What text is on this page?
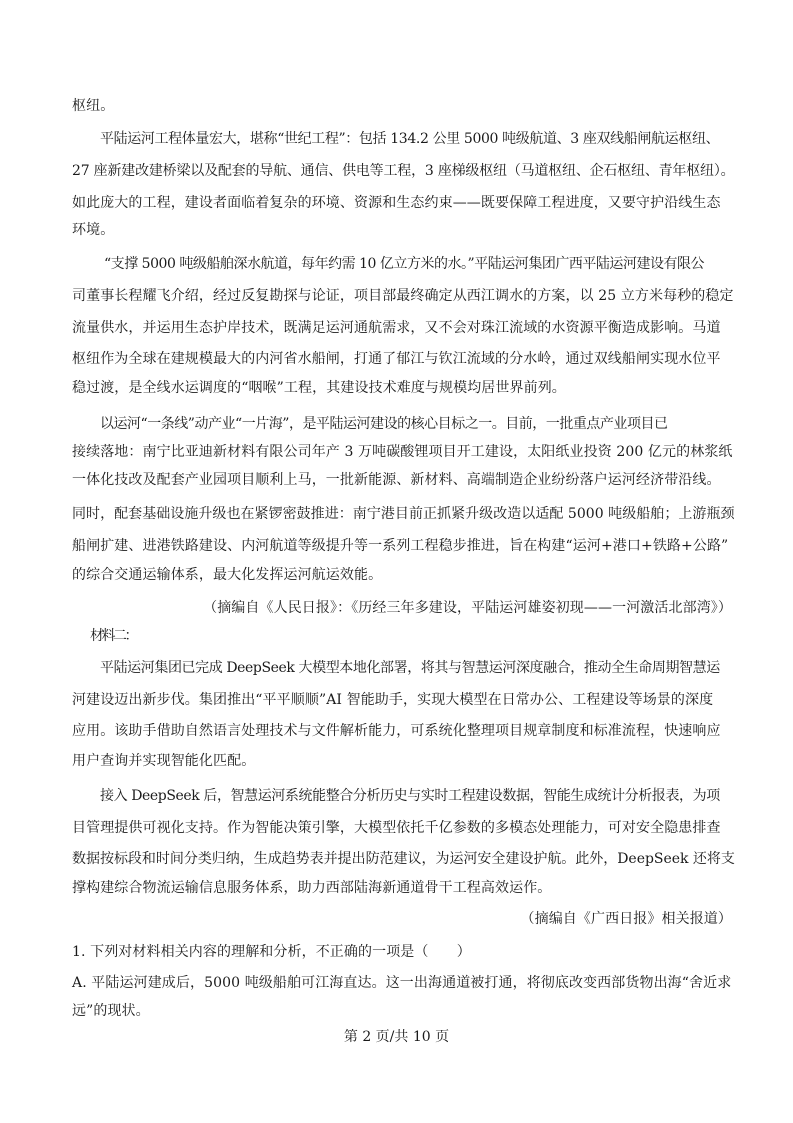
枢纽。
平陆运河工程体量宏大，堪称“世纪工程”：包括 134.2 公里 5000 吨级航道、3 座双线船闸航运枢纽、
27 座新建改建桥梁以及配套的导航、通信、供电等工程，3 座梯级枢纽（马道枢纽、企石枢纽、青年枢纽）。
如此庞大的工程，建设者面临着复杂的环境、资源和生态约束——既要保障工程进度，又要守护沿线生态
环境。
“支撑 5000 吨级船舶深水航道，每年约需 10 亿立方米的水。”平陆运河集团广西平陆运河建设有限公
司董事长程耀飞介绍，经过反复勘探与论证，项目部最终确定从西江调水的方案，以 25 立方米每秒的稳定
流量供水，并运用生态护岸技术，既满足运河通航需求，又不会对珠江流域的水资源平衡造成影响。马道
枢纽作为全球在建规模最大的内河省水船闸，打通了郁江与钦江流域的分水岭，通过双线船闸实现水位平
稳过渡，是全线水运调度的“咽喉”工程，其建设技术难度与规模均居世界前列。
以运河“一条线”动产业“一片海”，是平陆运河建设的核心目标之一。目前，一批重点产业项目已
接续落地：南宁比亚迪新材料有限公司年产 3 万吨碳酸锂项目开工建设，太阳纸业投资 200 亿元的林浆纸
一体化技改及配套产业园项目顺利上马，一批新能源、新材料、高端制造企业纷纷落户运河经济带沿线。
同时，配套基础设施升级也在紧锣密鼓推进：南宁港目前正抓紧升级改造以适配 5000 吨级船舶；上游瓶颈
船闸扩建、进港铁路建设、内河航道等级提升等一系列工程稳步推进，旨在构建“运河+港口+铁路+公路”
的综合交通运输体系，最大化发挥运河航运效能。
（摘编自《人民日报》：《历经三年多建设，平陆运河雄姿初现——一河激活北部湾》）
材料二：
平陆运河集团已完成 DeepSeek 大模型本地化部署，将其与智慧运河深度融合，推动全生命周期智慧运
河建设迈出新步伐。集团推出“平平顺顺”AI 智能助手，实现大模型在日常办公、工程建设等场景的深度
应用。该助手借助自然语言处理技术与文件解析能力，可系统化整理项目规章制度和标准流程，快速响应
用户查询并实现智能化匹配。
接入 DeepSeek 后，智慧运河系统能整合分析历史与实时工程建设数据，智能生成统计分析报表，为项
目管理提供可视化支持。作为智能决策引擎，大模型依托千亿参数的多模态处理能力，可对安全隐患排查
数据按标段和时间分类归纳，生成趋势表并提出防范建议，为运河安全建设护航。此外，DeepSeek 还将支
撑构建综合物流运输信息服务体系，助力西部陆海新通道骨干工程高效运作。
（摘编自《广西日报》相关报道）
1. 下列对材料相关内容的理解和分析，不正确的一项是（　　）
A. 平陆运河建成后，5000 吨级船舶可江海直达。这一出海通道被打通，将彻底改变西部货物出海“舍近求
远”的现状。
第 2 页/共 10 页
